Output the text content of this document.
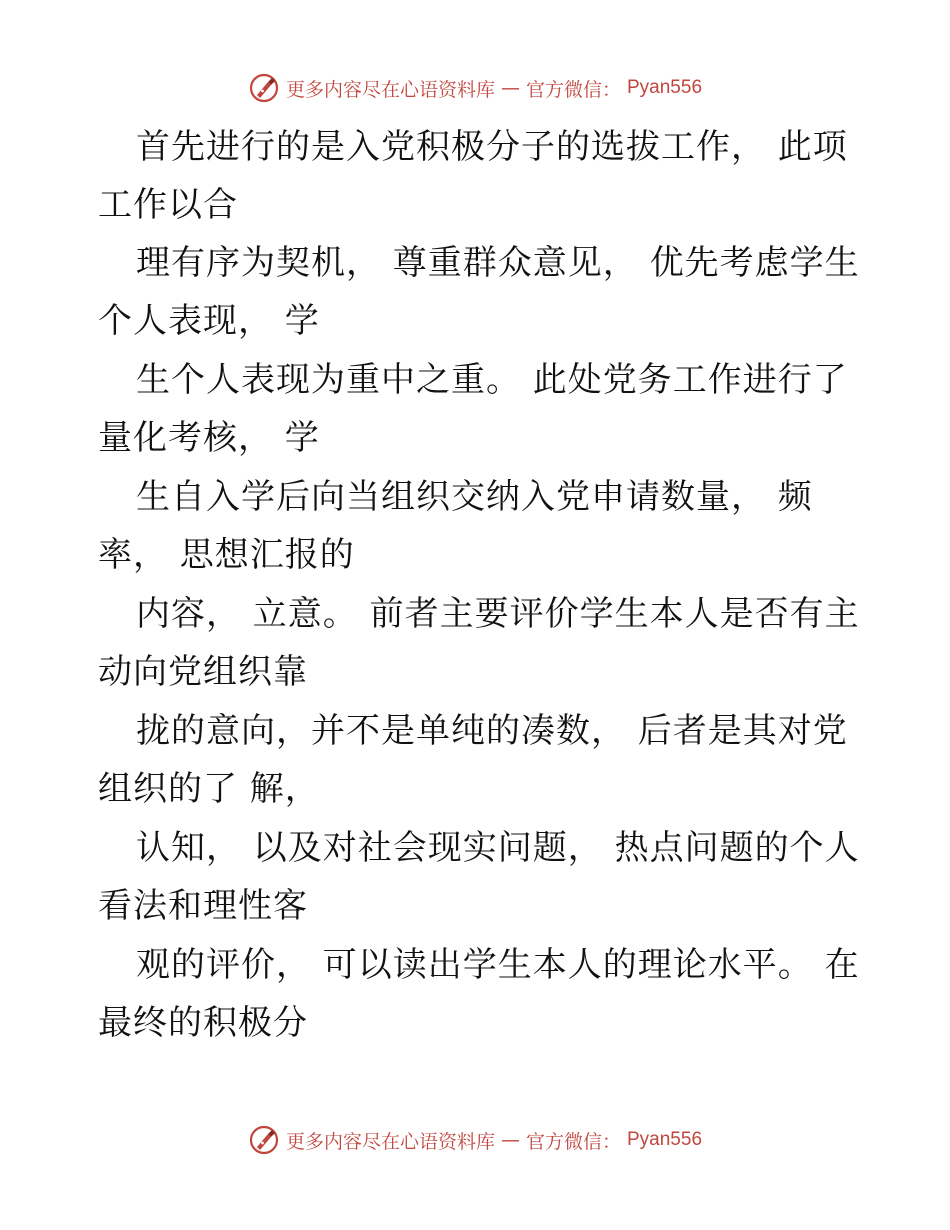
更多内容尽在心语资料库 — 官方微信： Pyan556
首先进行的是入党积极分子的选拔工作， 此项
工作以合
理有序为契机， 尊重群众意见， 优先考虑学生
个人表现， 学
生个人表现为重中之重。 此处党务工作进行了
量化考核， 学
生自入学后向当组织交纳入党申请数量， 频
率， 思想汇报的
内容， 立意。 前者主要评价学生本人是否有主
动向党组织靠
拢的意向，并不是单纯的凑数， 后者是其对党
组织的了 解，
认知， 以及对社会现实问题， 热点问题的个人
看法和理性客
观的评价， 可以读出学生本人的理论水平。 在
最终的积极分
更多内容尽在心语资料库 — 官方微信： Pyan556
